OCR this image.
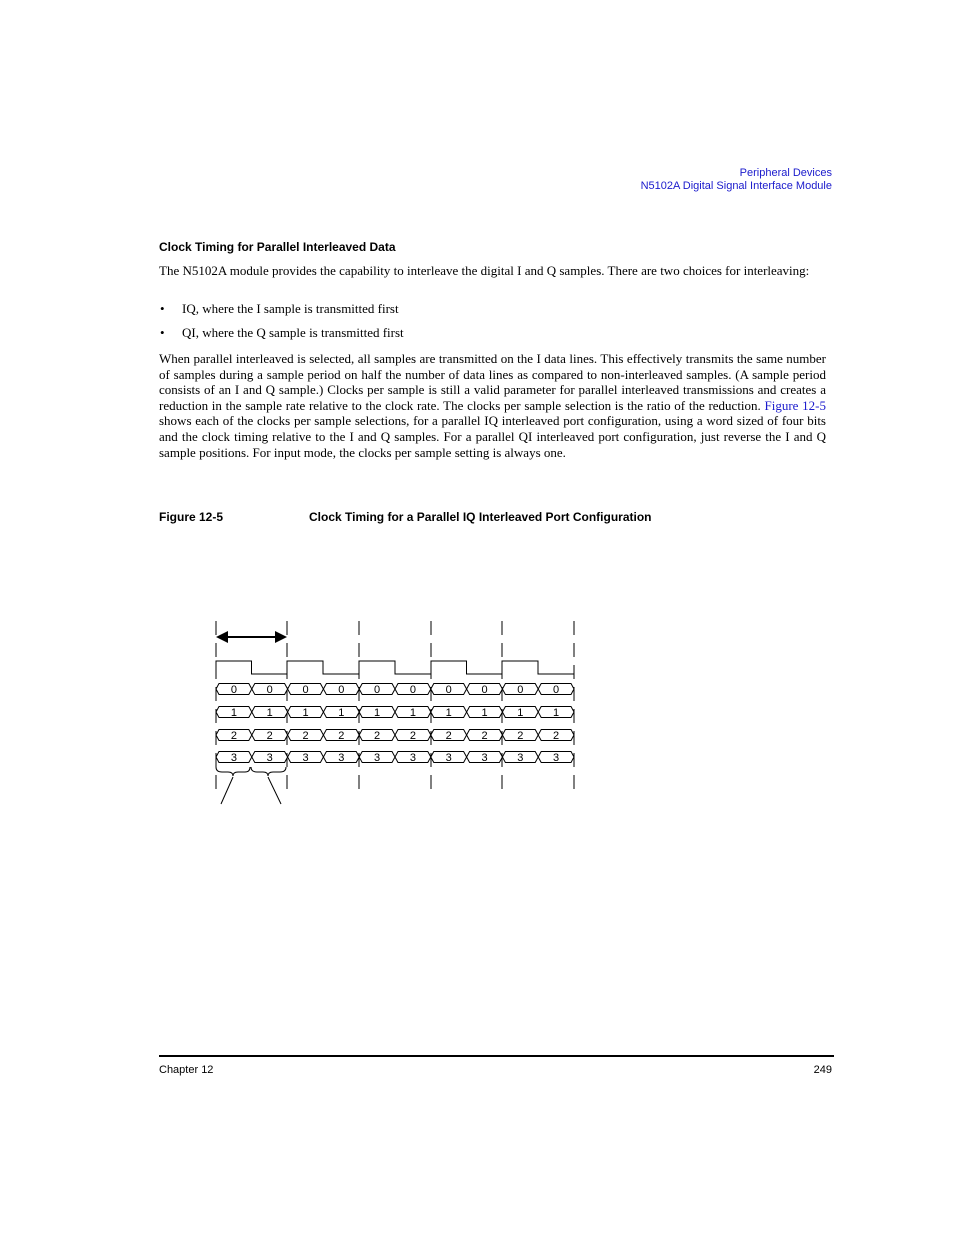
Peripheral Devices
N5102A Digital Signal Interface Module
Clock Timing for Parallel Interleaved Data

The N5102A module provides the capability to interleave the digital I and Q samples. There are two choices for interleaving:

• IQ, where the I sample is transmitted first
• QI, where the Q sample is transmitted first

When parallel interleaved is selected, all samples are transmitted on the I data lines. This effectively transmits the same number of samples during a sample period on half the number of data lines as compared to non-interleaved samples. (A sample period consists of an I and Q sample.) Clocks per sample is still a valid parameter for parallel interleaved transmissions and creates a reduction in the sample rate relative to the clock rate. The clocks per sample selection is the ratio of the reduction. Figure 12-5 shows each of the clocks per sample selections, for a parallel IQ interleaved port configuration, using a word sized of four bits and the clock timing relative to the I and Q samples. For a parallel QI interleaved port configuration, just reverse the I and Q sample positions. For input mode, the clocks per sample setting is always one.

Figure 12-5	Clock Timing for a Parallel IQ Interleaved Port Configuration
0	0	0	0	0	0	0	0	0	0
1	1	1	1	1	1	1	1	1	1
2	2	2	2	2	2	2	2	2	2
3	3	3	3	3	3	3	3	3	3
Chapter 12	249
